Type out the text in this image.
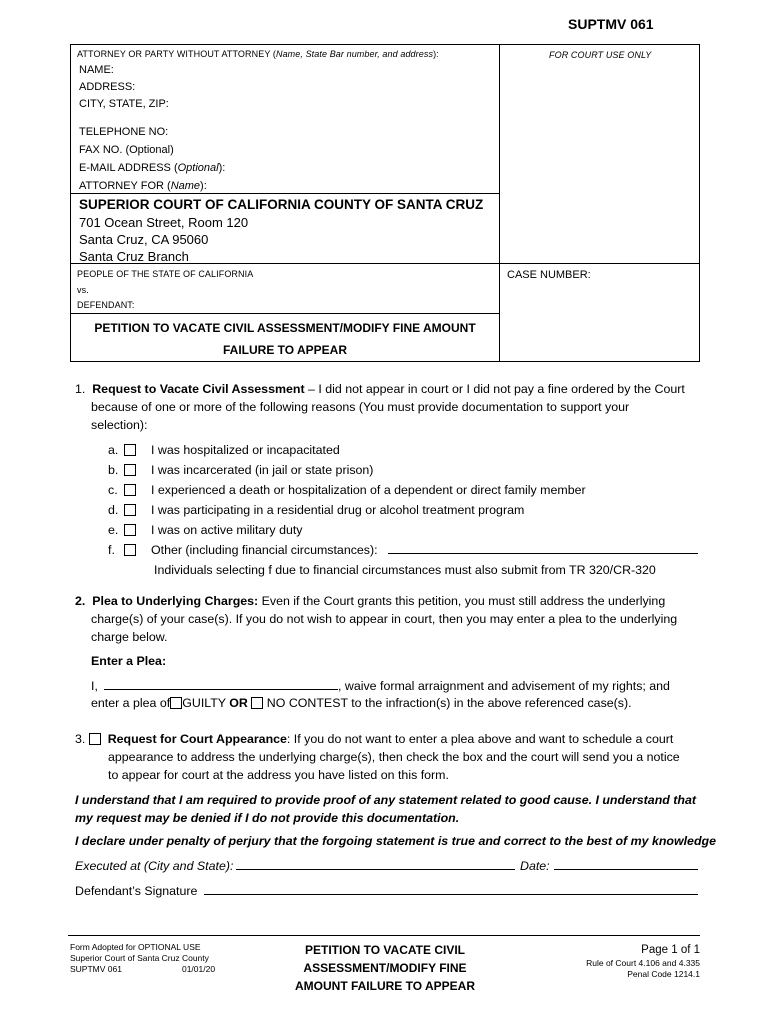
SUPTMV 061
ATTORNEY OR PARTY WITHOUT ATTORNEY (Name, State Bar number, and address):	FOR COURT USE ONLY
NAME:
ADDRESS:
CITY, STATE, ZIP:
TELEPHONE NO:
FAX NO. (Optional)
E-MAIL ADDRESS (Optional):
ATTORNEY FOR (Name):
SUPERIOR COURT OF CALIFORNIA COUNTY OF SANTA CRUZ
701 Ocean Street, Room 120
Santa Cruz, CA 95060
Santa Cruz Branch
PEOPLE OF THE STATE OF CALIFORNIA
vs.
DEFENDANT:
CASE NUMBER:
PETITION TO VACATE CIVIL ASSESSMENT/MODIFY FINE AMOUNT
FAILURE TO APPEAR
1. Request to Vacate Civil Assessment – I did not appear in court or I did not pay a fine ordered by the Court
because of one or more of the following reasons (You must provide documentation to support your
selection):
a.	I was hospitalized or incapacitated
b.	I was incarcerated (in jail or state prison)
c.	I experienced a death or hospitalization of a dependent or direct family member
d.	I was participating in a residential drug or alcohol treatment program
e.	I was on active military duty
f.	Other (including financial circumstances):
Individuals selecting f due to financial circumstances must also submit from TR 320/CR-320
2. Plea to Underlying Charges: Even if the Court grants this petition, you must still address the underlying
charge(s) of your case(s). If you do not wish to appear in court, then you may enter a plea to the underlying
charge below.
Enter a Plea:
I,	, waive formal arraignment and advisement of my rights; and
enter a plea of GUILTY OR NO CONTEST to the infraction(s) in the above referenced case(s).
3. Request for Court Appearance: If you do not want to enter a plea above and want to schedule a court
appearance to address the underlying charge(s), then check the box and the court will send you a notice
to appear for court at the address you have listed on this form.
I understand that I am required to provide proof of any statement related to good cause. I understand that
my request may be denied if I do not provide this documentation.
I declare under penalty of perjury that the forgoing statement is true and correct to the best of my knowledge
Executed at (City and State):	Date:
Defendant’s Signature
Form Adopted for OPTIONAL USE
Superior Court of Santa Cruz County
SUPTMV 061	01/01/20
PETITION TO VACATE CIVIL
ASSESSMENT/MODIFY FINE
AMOUNT FAILURE TO APPEAR
Page 1 of 1
Rule of Court 4.106 and 4.335
Penal Code 1214.1
